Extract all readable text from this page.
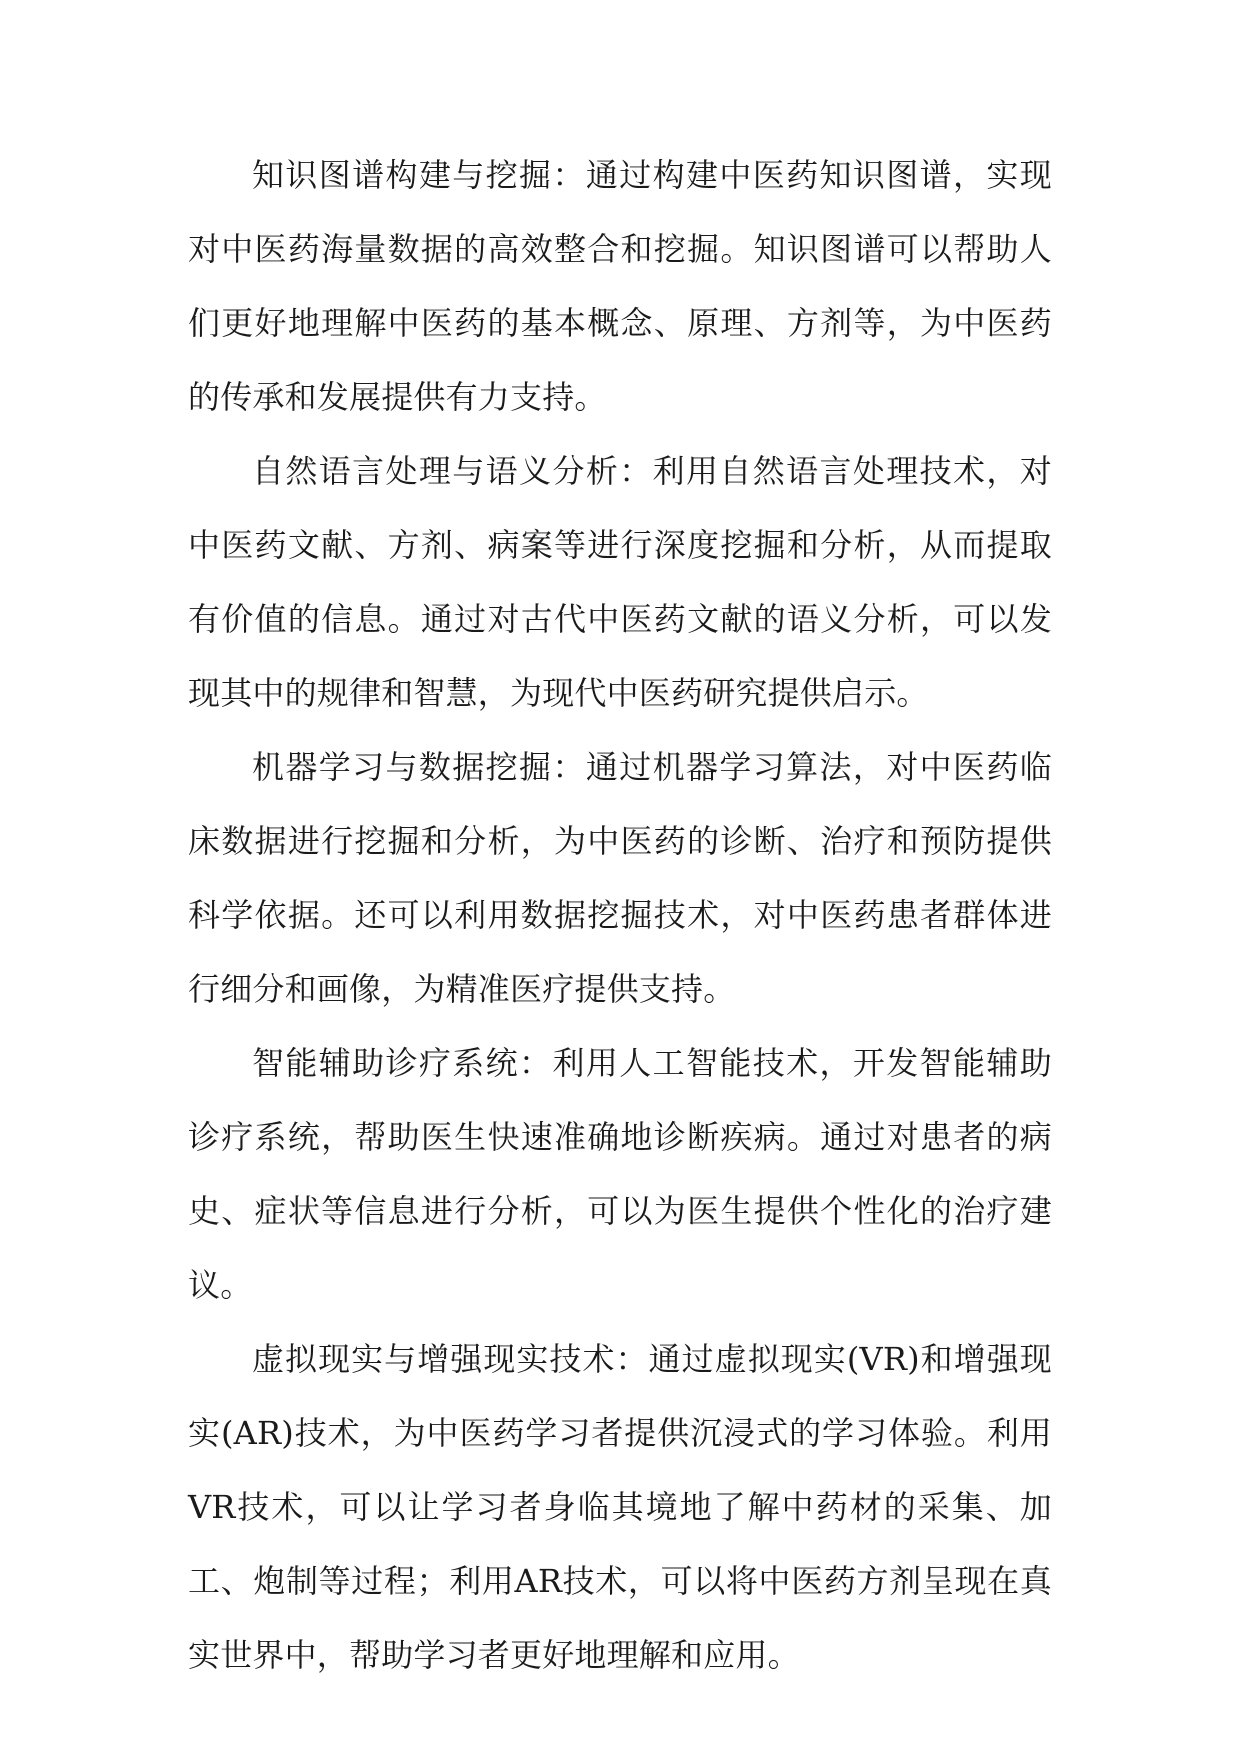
知识图谱构建与挖掘：通过构建中医药知识图谱，实现对中医药海量数据的高效整合和挖掘。知识图谱可以帮助人们更好地理解中医药的基本概念、原理、方剂等，为中医药的传承和发展提供有力支持。

自然语言处理与语义分析：利用自然语言处理技术，对中医药文献、方剂、病案等进行深度挖掘和分析，从而提取有价值的信息。通过对古代中医药文献的语义分析，可以发现其中的规律和智慧，为现代中医药研究提供启示。

机器学习与数据挖掘：通过机器学习算法，对中医药临床数据进行挖掘和分析，为中医药的诊断、治疗和预防提供科学依据。还可以利用数据挖掘技术，对中医药患者群体进行细分和画像，为精准医疗提供支持。

智能辅助诊疗系统：利用人工智能技术，开发智能辅助诊疗系统，帮助医生快速准确地诊断疾病。通过对患者的病史、症状等信息进行分析，可以为医生提供个性化的治疗建议。

虚拟现实与增强现实技术：通过虚拟现实(VR)和增强现实(AR)技术，为中医药学习者提供沉浸式的学习体验。利用VR技术，可以让学习者身临其境地了解中药材的采集、加工、炮制等过程；利用AR技术，可以将中医药方剂呈现在真实世界中，帮助学习者更好地理解和应用。
